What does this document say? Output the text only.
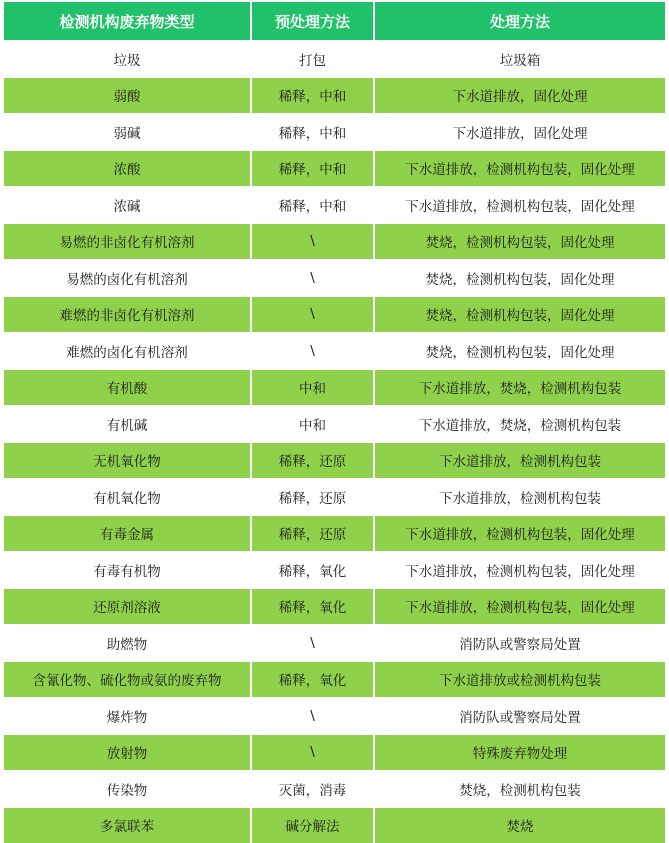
检测机构废弃物类型	预处理方法	处理方法
垃圾	打包	垃圾箱
弱酸	稀释，中和	下水道排放，固化处理
弱碱	稀释，中和	下水道排放，固化处理
浓酸	稀释，中和	下水道排放，检测机构包装，固化处理
浓碱	稀释，中和	下水道排放，检测机构包装，固化处理
易燃的非卤化有机溶剂	\	焚烧，检测机构包装，固化处理
易燃的卤化有机溶剂	\	焚烧，检测机构包装，固化处理
难燃的非卤化有机溶剂	\	焚烧，检测机构包装，固化处理
难燃的卤化有机溶剂	\	焚烧，检测机构包装，固化处理
有机酸	中和	下水道排放，焚烧，检测机构包装
有机碱	中和	下水道排放，焚烧，检测机构包装
无机氧化物	稀释，还原	下水道排放，检测机构包装
有机氧化物	稀释，还原	下水道排放，检测机构包装
有毒金属	稀释，还原	下水道排放，检测机构包装，固化处理
有毒有机物	稀释，氧化	下水道排放，检测机构包装，固化处理
还原剂溶液	稀释，氧化	下水道排放，检测机构包装，固化处理
助燃物	\	消防队或警察局处置
含氰化物、硫化物或氨的废弃物	稀释，氧化	下水道排放或检测机构包装
爆炸物	\	消防队或警察局处置
放射物	\	特殊废弃物处理
传染物	灭菌，消毒	焚烧，检测机构包装
多氯联苯	碱分解法	焚烧
